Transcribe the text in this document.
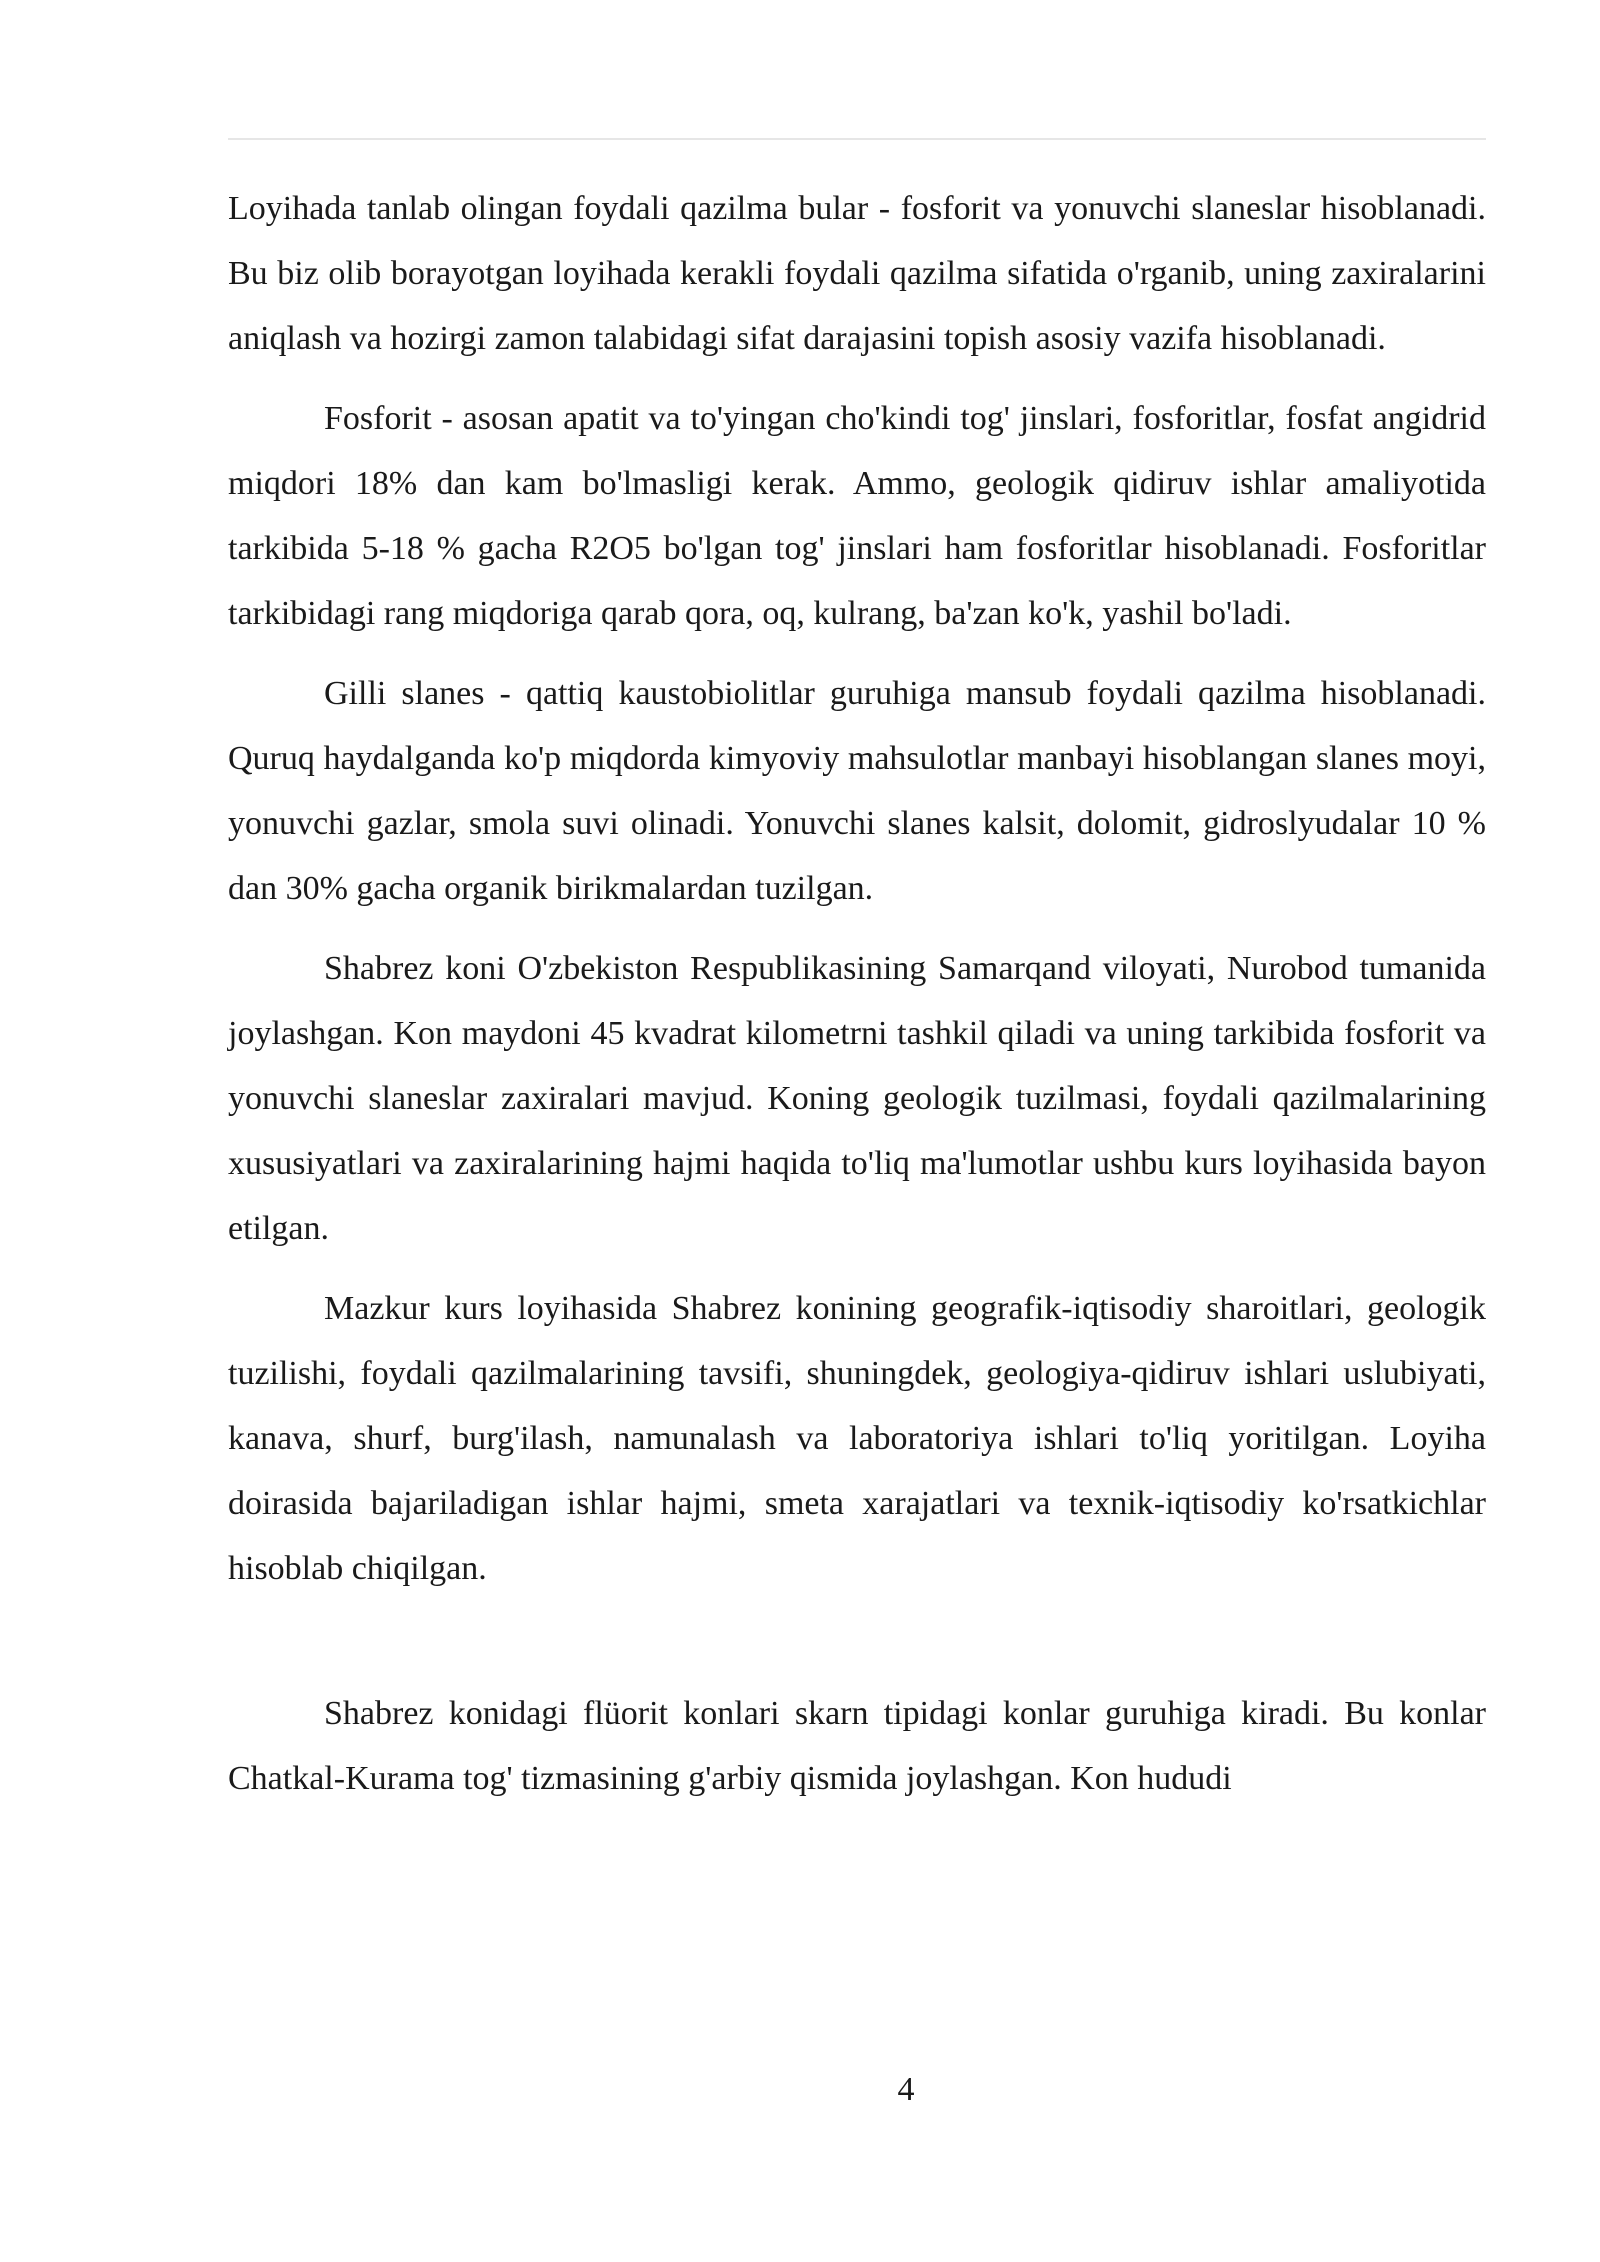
Loyihada tanlab olingan foydali qazilma bular - fosforit va yonuvchi slaneslar hisoblanadi. Bu biz olib borayotgan loyihada kerakli foydali qazilma sifatida o'rganib, uning zaxiralarini aniqlash va hozirgi zamon talabidagi sifat darajasini topish asosiy vazifa hisoblanadi.

Fosforit - asosan apatit va to'yingan cho'kindi tog' jinslari, fosforitlar, fosfat angidrid miqdori 18% dan kam bo'lmasligi kerak. Ammo, geologik qidiruv ishlar amaliyotida tarkibida 5-18 % gacha R2O5 bo'lgan tog' jinslari ham fosforitlar hisoblanadi. Fosforitlar tarkibidagi rang miqdoriga qarab qora, oq, kulrang, ba'zan ko'k, yashil bo'ladi.

Gilli slanes - qattiq kaustobiolitlar guruhiga mansub foydali qazilma hisoblanadi. Quruq haydalganda ko'p miqdorda kimyoviy mahsulotlar manbayi hisoblangan slanes moyi, yonuvchi gazlar, smola suvi olinadi. Yonuvchi slanes kalsit, dolomit, gidroslyudalar 10 % dan 30% gacha organik birikmalardan tuzilgan.

Shabrez koni O'zbekiston Respublikasining Samarqand viloyati, Nurobod tumanida joylashgan. Kon maydoni 45 kvadrat kilometrni tashkil qiladi va uning tarkibida fosforit va yonuvchi slaneslar zaxiralari mavjud. Koning geologik tuzilmasi, foydali qazilmalarining xususiyatlari va zaxiralarining hajmi haqida to'liq ma'lumotlar ushbu kurs loyihasida bayon etilgan.

Mazkur kurs loyihasida Shabrez konining geografik-iqtisodiy sharoitlari, geologik tuzilishi, foydali qazilmalarining tavsifi, shuningdek, geologiya-qidiruv ishlari uslubiyati, kanava, shurf, burg'ilash, namunalash va laboratoriya ishlari to'liq yoritilgan. Loyiha doirasida bajariladigan ishlar hajmi, smeta xarajatlari va texnik-iqtisodiy ko'rsatkichlar hisoblab chiqilgan.

Shabrez konidagi flüorit konlari skarn tipidagi konlar guruhiga kiradi. Bu konlar Chatkal-Kurama tog' tizmasining g'arbiy qismida joylashgan. Kon hududi

4
